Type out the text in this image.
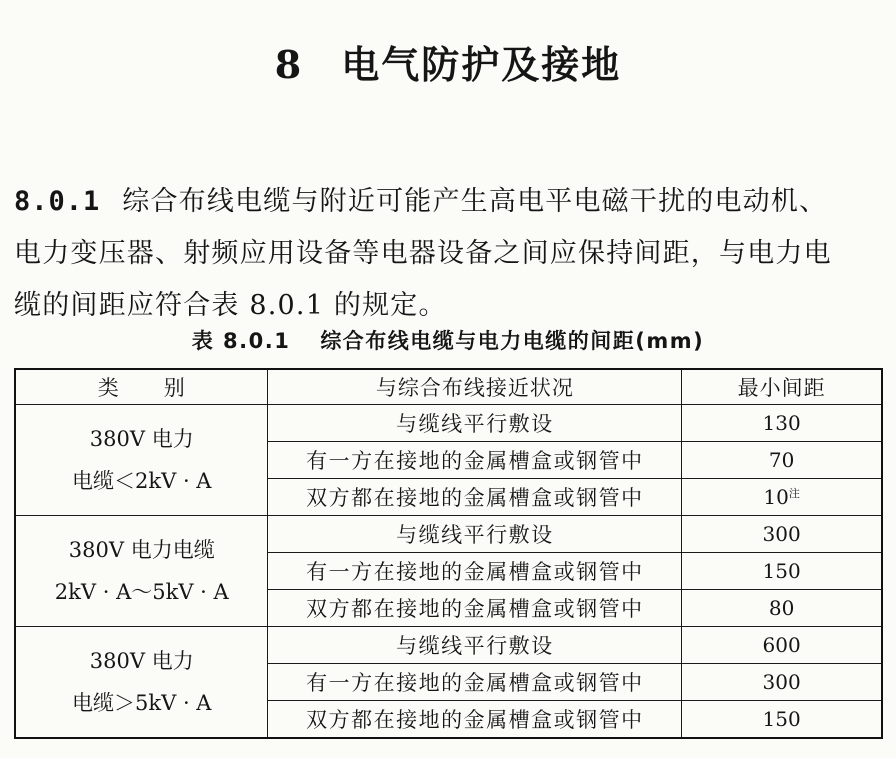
8 电气防护及接地
8.0.1 综合布线电缆与附近可能产生高电平电磁干扰的电动机、
电力变压器、射频应用设备等电器设备之间应保持间距，与电力电
缆的间距应符合表 8.0.1 的规定。
表 8.0.1 综合布线电缆与电力电缆的间距(mm)
类　　别	与综合布线接近状况	最小间距

380V 电力
电缆＜2kV · A	与缆线平行敷设	130
	有一方在接地的金属槽盒或钢管中	70
	双方都在接地的金属槽盒或钢管中	10$^注$

380V 电力电缆
2kV · A～5kV · A	与缆线平行敷设	300
	有一方在接地的金属槽盒或钢管中	150
	双方都在接地的金属槽盒或钢管中	80

380V 电力
电缆＞5kV · A	与缆线平行敷设	600
	有一方在接地的金属槽盒或钢管中	300
	双方都在接地的金属槽盒或钢管中	150
